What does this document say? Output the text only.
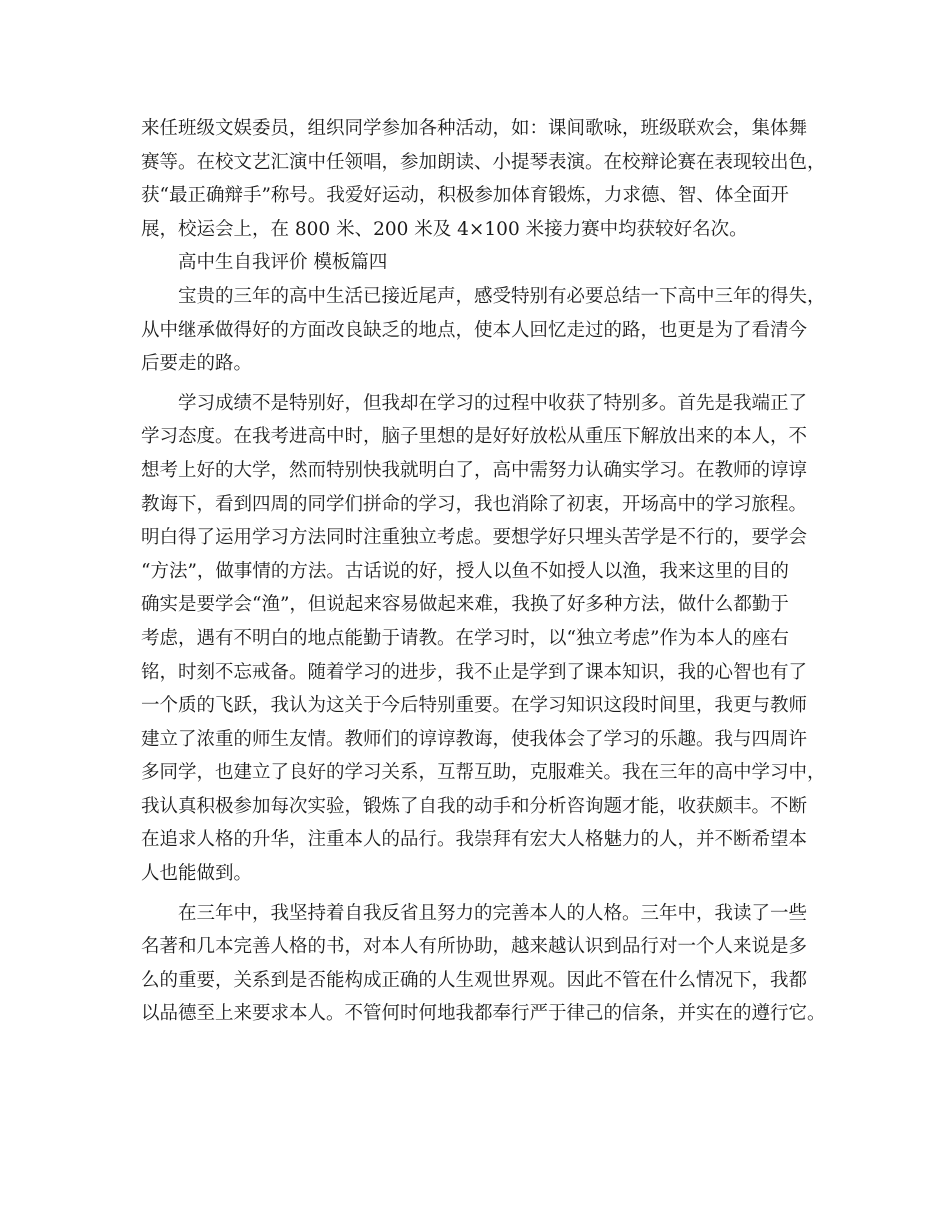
来任班级文娱委员，组织同学参加各种活动，如：课间歌咏，班级联欢会，集体舞
赛等。在校文艺汇演中任领唱，参加朗读、小提琴表演。在校辩论赛在表现较出色，
获“最正确辩手”称号。我爱好运动，积极参加体育锻炼，力求德、智、体全面开
展，校运会上，在 800 米、200 米及 4×100 米接力赛中均获较好名次。
高中生自我评价 模板篇四
宝贵的三年的高中生活已接近尾声，感受特别有必要总结一下高中三年的得失，
从中继承做得好的方面改良缺乏的地点，使本人回忆走过的路，也更是为了看清今
后要走的路。
学习成绩不是特别好，但我却在学习的过程中收获了特别多。首先是我端正了
学习态度。在我考进高中时，脑子里想的是好好放松从重压下解放出来的本人，不
想考上好的大学，然而特别快我就明白了，高中需努力认确实学习。在教师的谆谆
教诲下，看到四周的同学们拼命的学习，我也消除了初衷，开场高中的学习旅程。
明白得了运用学习方法同时注重独立考虑。要想学好只埋头苦学是不行的，要学会
“方法”，做事情的方法。古话说的好，授人以鱼不如授人以渔，我来这里的目的
确实是要学会“渔”，但说起来容易做起来难，我换了好多种方法，做什么都勤于
考虑，遇有不明白的地点能勤于请教。在学习时，以“独立考虑”作为本人的座右
铭，时刻不忘戒备。随着学习的进步，我不止是学到了课本知识，我的心智也有了
一个质的飞跃，我认为这关于今后特别重要。在学习知识这段时间里，我更与教师
建立了浓重的师生友情。教师们的谆谆教诲，使我体会了学习的乐趣。我与四周许
多同学，也建立了良好的学习关系，互帮互助，克服难关。我在三年的高中学习中，
我认真积极参加每次实验，锻炼了自我的动手和分析咨询题才能，收获颇丰。不断
在追求人格的升华，注重本人的品行。我崇拜有宏大人格魅力的人，并不断希望本
人也能做到。
在三年中，我坚持着自我反省且努力的完善本人的人格。三年中，我读了一些
名著和几本完善人格的书，对本人有所协助，越来越认识到品行对一个人来说是多
么的重要，关系到是否能构成正确的人生观世界观。因此不管在什么情况下，我都
以品德至上来要求本人。不管何时何地我都奉行严于律己的信条，并实在的遵行它。
